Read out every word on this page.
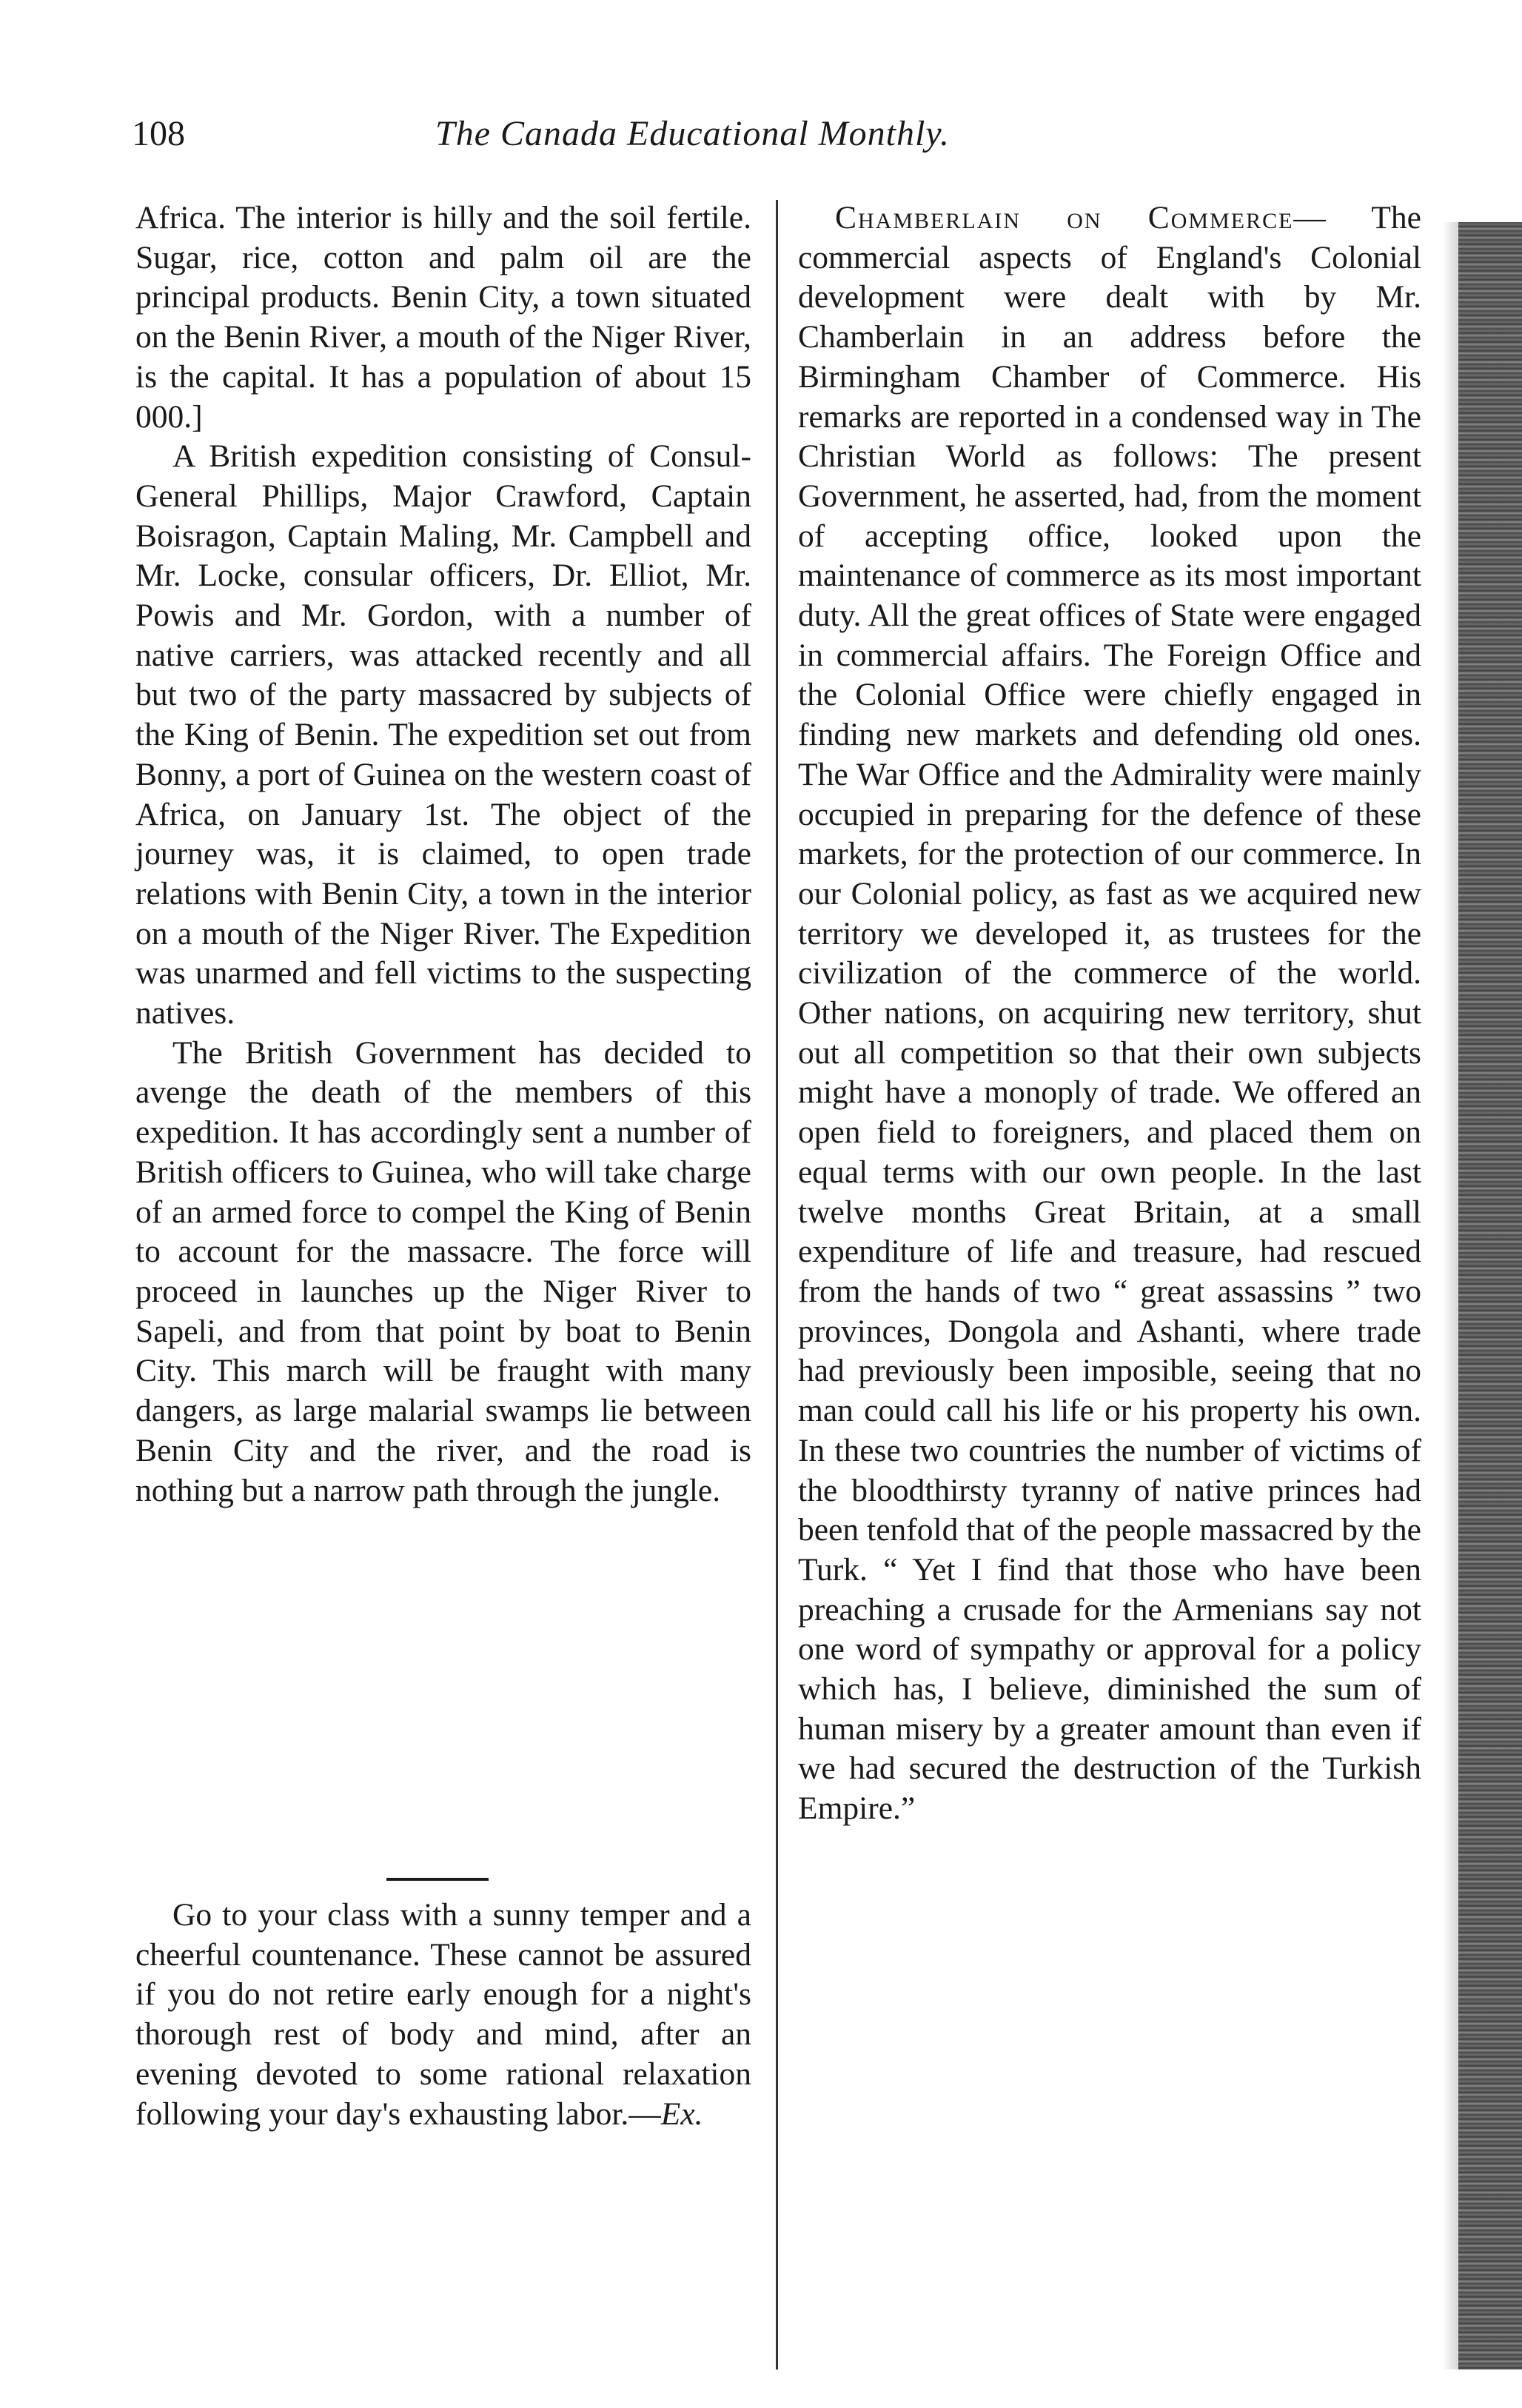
108	The Canada Educational Monthly.

Africa. The interior is hilly and the soil fertile. Sugar, rice, cotton and palm oil are the principal products. Benin City, a town situated on the Benin River, a mouth of the Niger River, is the capital. It has a population of about 15 000.]

A British expedition consisting of Consul-General Phillips, Major Crawford, Captain Boisragon, Captain Maling, Mr. Campbell and Mr. Locke, consular officers, Dr. Elliot, Mr. Powis and Mr. Gordon, with a number of native carriers, was attacked recently and all but two of the party massacred by subjects of the King of Benin. The expedition set out from Bonny, a port of Guinea on the western coast of Africa, on January 1st. The object of the journey was, it is claimed, to open trade relations with Benin City, a town in the interior on a mouth of the Niger River. The Expedition was unarmed and fell victims to the suspecting natives.

The British Government has decided to avenge the death of the members of this expedition. It has accordingly sent a number of British officers to Guinea, who will take charge of an armed force to compel the King of Benin to account for the massacre. The force will proceed in launches up the Niger River to Sapeli, and from that point by boat to Benin City. This march will be fraught with many dangers, as large malarial swamps lie between Benin City and the river, and the road is nothing but a narrow path through the jungle.

Go to your class with a sunny temper and a cheerful countenance. These cannot be assured if you do not retire early enough for a night's thorough rest of body and mind, after an evening devoted to some rational relaxation following your day's exhausting labor.—Ex.

Chamberlain on Commerce— The commercial aspects of England's Colonial development were dealt with by Mr. Chamberlain in an address before the Birmingham Chamber of Commerce. His remarks are reported in a condensed way in The Christian World as follows: The present Government, he asserted, had, from the moment of accepting office, looked upon the maintenance of commerce as its most important duty. All the great offices of State were engaged in commercial affairs. The Foreign Office and the Colonial Office were chiefly engaged in finding new markets and defending old ones. The War Office and the Admirality were mainly occupied in preparing for the defence of these markets, for the protection of our commerce. In our Colonial policy, as fast as we acquired new territory we developed it, as trustees for the civilization of the commerce of the world. Other nations, on acquiring new territory, shut out all competition so that their own subjects might have a monoply of trade. We offered an open field to foreigners, and placed them on equal terms with our own people. In the last twelve months Great Britain, at a small expenditure of life and treasure, had rescued from the hands of two “ great assassins ” two provinces, Dongola and Ashanti, where trade had previously been imposible, seeing that no man could call his life or his property his own. In these two countries the number of victims of the bloodthirsty tyranny of native princes had been tenfold that of the people massacred by the Turk. “ Yet I find that those who have been preaching a crusade for the Armenians say not one word of sympathy or approval for a policy which has, I believe, diminished the sum of human misery by a greater amount than even if we had secured the destruction of the Turkish Empire.”
